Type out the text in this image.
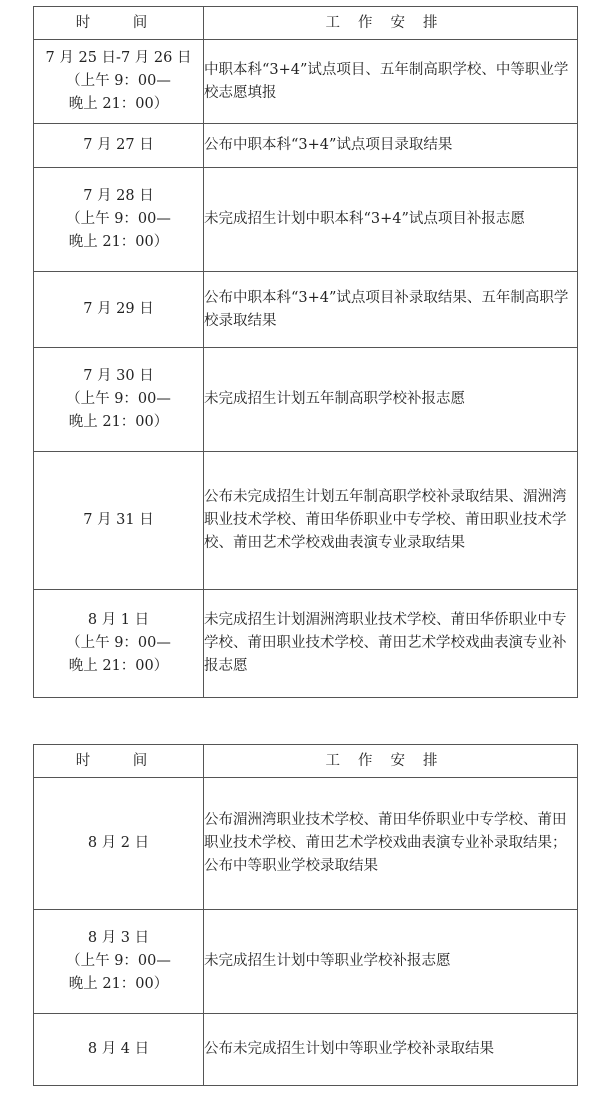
时　间	工作安排
7 月 25 日-7 月 26 日
（上午 9：00—
晚上 21：00）	中职本科“3+4”试点项目、五年制高职学校、中等职业学校志愿填报
7 月 27 日	公布中职本科“3+4”试点项目录取结果
7 月 28 日
（上午 9：00—
晚上 21：00）	未完成招生计划中职本科“3+4”试点项目补报志愿
7 月 29 日	公布中职本科“3+4”试点项目补录取结果、五年制高职学校录取结果
7 月 30 日
（上午 9：00—
晚上 21：00）	未完成招生计划五年制高职学校补报志愿
7 月 31 日	公布未完成招生计划五年制高职学校补录取结果、湄洲湾职业技术学校、莆田华侨职业中专学校、莆田职业技术学校、莆田艺术学校戏曲表演专业录取结果
8 月 1 日
（上午 9：00—
晚上 21：00）	未完成招生计划湄洲湾职业技术学校、莆田华侨职业中专学校、莆田职业技术学校、莆田艺术学校戏曲表演专业补报志愿
时　间	工作安排
8 月 2 日	公布湄洲湾职业技术学校、莆田华侨职业中专学校、莆田职业技术学校、莆田艺术学校戏曲表演专业补录取结果；公布中等职业学校录取结果
8 月 3 日
（上午 9：00—
晚上 21：00）	未完成招生计划中等职业学校补报志愿
8 月 4 日	公布未完成招生计划中等职业学校补录取结果
